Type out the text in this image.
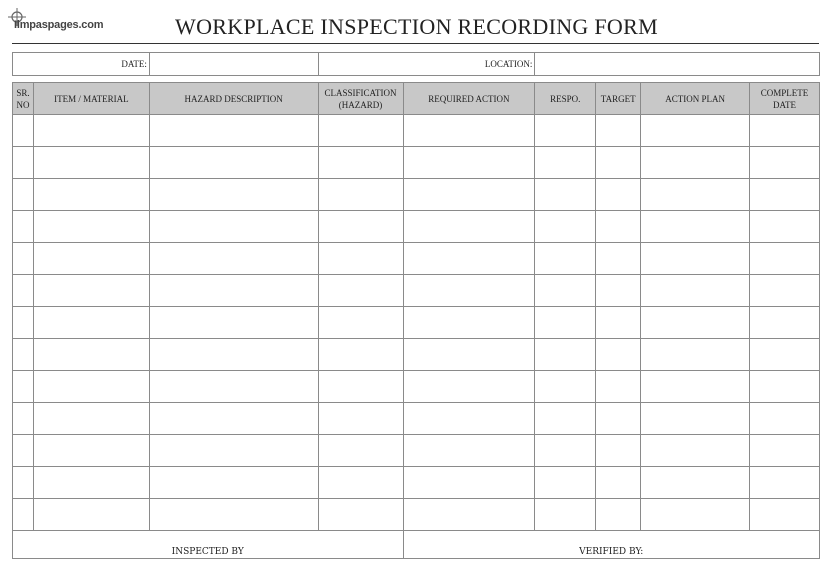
Ilmpaspages.com	WORKPLACE INSPECTION RECORDING FORM
DATE:		LOCATION:	
SR. NO	ITEM / MATERIAL	HAZARD DESCRIPTION	CLASSIFICATION (HAZARD)	REQUIRED ACTION	RESPO.	TARGET	ACTION PLAN	COMPLETE DATE

INSPECTED BY				VERIFIED BY:				
